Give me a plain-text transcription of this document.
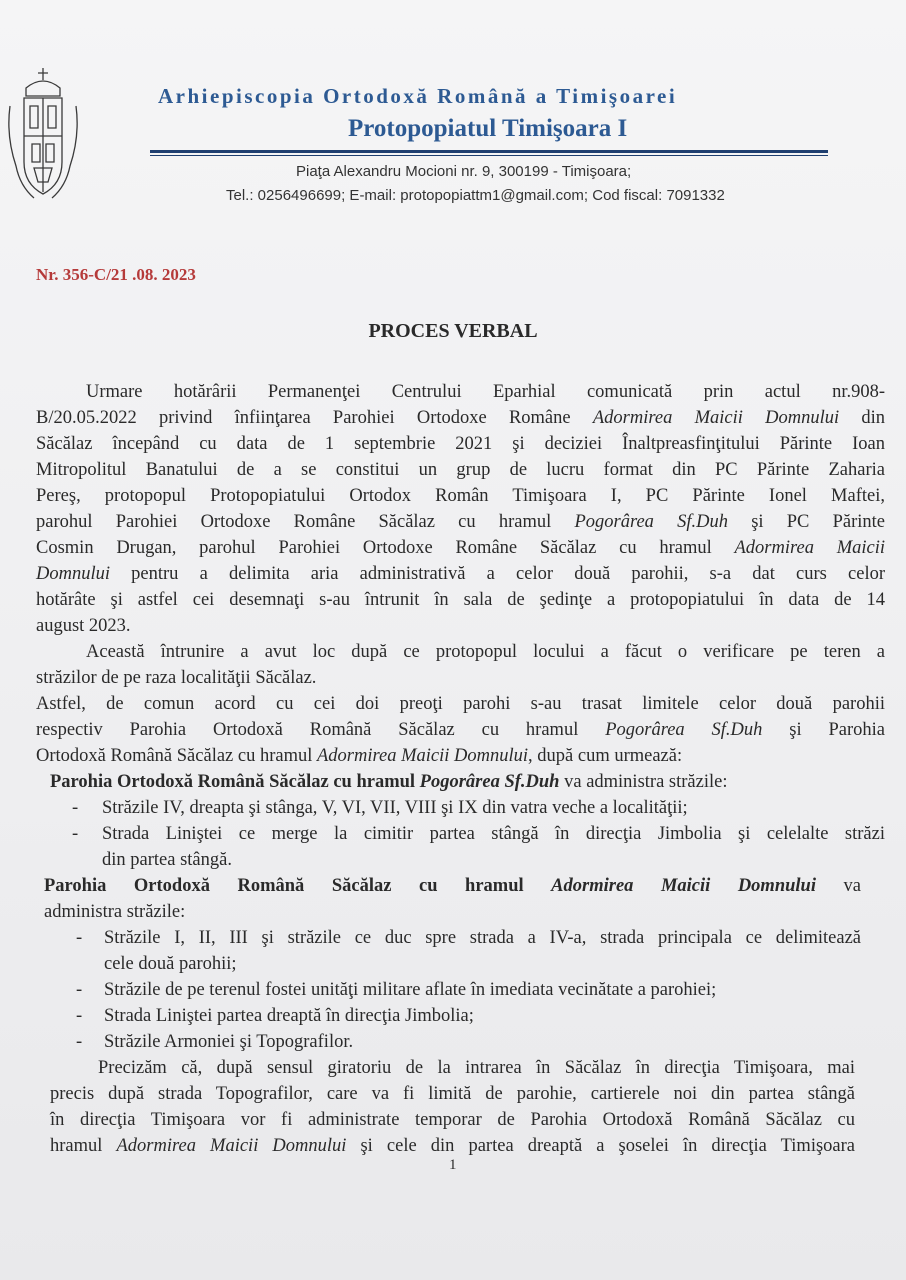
Arhiepiscopia Ortodoxă Română a Timişoarei
Protopopiatul Timişoara I
Piaţa Alexandru Mocioni nr. 9, 300199 - Timişoara;
Tel.: 0256496699; E-mail: protopopiattm1@gmail.com; Cod fiscal: 7091332
Nr. 356-C/21 .08. 2023
PROCES VERBAL
Urmare hotărârii Permanenţei Centrului Eparhial comunicată prin actul nr.908-
B/20.05.2022 privind înfiinţarea Parohiei Ortodoxe Române Adormirea Maicii Domnului din
Săcălaz începând cu data de 1 septembrie 2021 şi deciziei Înaltpreasfinţitului Părinte Ioan
Mitropolitul Banatului de a se constitui un grup de lucru format din PC Părinte Zaharia
Pereş, protopopul Protopopiatului Ortodox Român Timişoara I, PC Părinte Ionel Maftei,
parohul Parohiei Ortodoxe Române Săcălaz cu hramul Pogorârea Sf.Duh şi PC Părinte
Cosmin Drugan, parohul Parohiei Ortodoxe Române Săcălaz cu hramul Adormirea Maicii
Domnului pentru a delimita aria administrativă a celor două parohii, s-a dat curs celor
hotărâte şi astfel cei desemnaţi s-au întrunit în sala de şedinţe a protopopiatului în data de 14
august 2023.
Această întrunire a avut loc după ce protopopul locului a făcut o verificare pe teren a
străzilor de pe raza localităţii Săcălaz.
Astfel, de comun acord cu cei doi preoţi parohi s-au trasat limitele celor două parohii
respectiv Parohia Ortodoxă Română Săcălaz cu hramul Pogorârea Sf.Duh şi Parohia
Ortodoxă Română Săcălaz cu hramul Adormirea Maicii Domnului, după cum urmează:
Parohia Ortodoxă Română Săcălaz cu hramul Pogorârea Sf.Duh va administra străzile:
- Străzile IV, dreapta şi stânga, V, VI, VII, VIII şi IX din vatra veche a localităţii;
- Strada Liniştei ce merge la cimitir partea stângă în direcţia Jimbolia şi celelalte străzi
din partea stângă.
Parohia Ortodoxă Română Săcălaz cu hramul Adormirea Maicii Domnului va
administra străzile:
- Străzile I, II, III şi străzile ce duc spre strada a IV-a, strada principala ce delimitează
cele două parohii;
- Străzile de pe terenul fostei unităţi militare aflate în imediata vecinătate a parohiei;
- Strada Liniştei partea dreaptă în direcţia Jimbolia;
- Străzile Armoniei şi Topografilor.
Precizăm că, după sensul giratoriu de la intrarea în Săcălaz în direcţia Timişoara, mai
precis după strada Topografilor, care va fi limită de parohie, cartierele noi din partea stângă
în direcţia Timişoara vor fi administrate temporar de Parohia Ortodoxă Română Săcălaz cu
hramul Adormirea Maicii Domnului şi cele din partea dreaptă a şoselei în direcţia Timişoara
1
